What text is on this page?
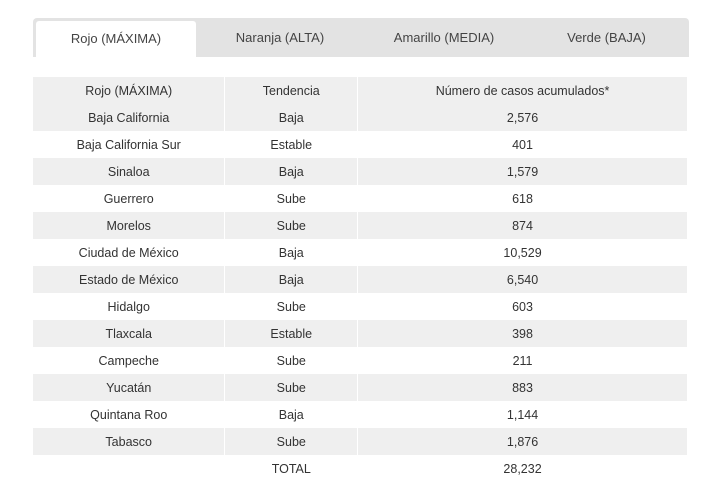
Rojo (MÁXIMA)	Naranja (ALTA)	Amarillo (MEDIA)	Verde (BAJA)
Rojo (MÁXIMA)	Tendencia	Número de casos acumulados*
Baja California	Baja	2,576
Baja California Sur	Estable	401
Sinaloa	Baja	1,579
Guerrero	Sube	618
Morelos	Sube	874
Ciudad de México	Baja	10,529
Estado de México	Baja	6,540
Hidalgo	Sube	603
Tlaxcala	Estable	398
Campeche	Sube	211
Yucatán	Sube	883
Quintana Roo	Baja	1,144
Tabasco	Sube	1,876
	TOTAL	28,232
